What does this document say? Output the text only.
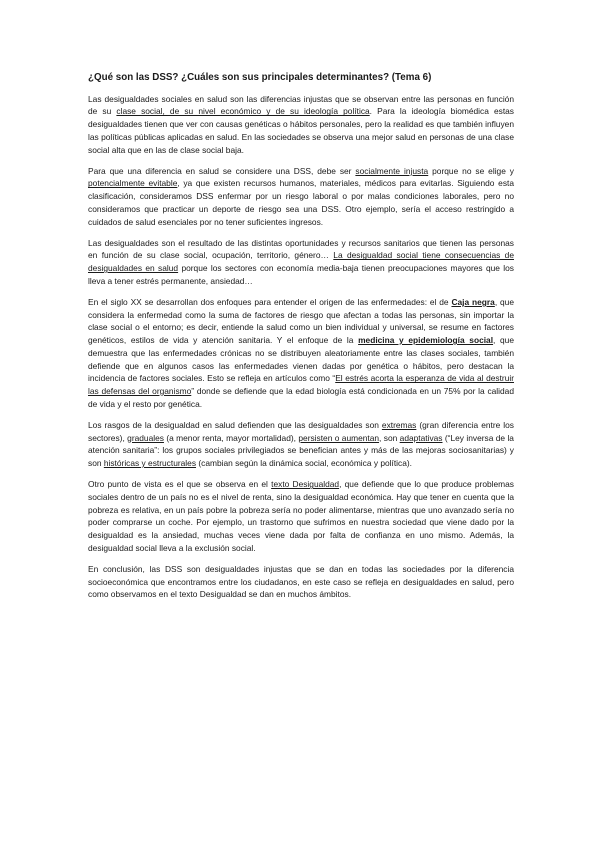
¿Qué son las DSS? ¿Cuáles son sus principales determinantes? (Tema 6)

Las desigualdades sociales en salud son las diferencias injustas que se observan entre las personas en función de su clase social, de su nivel económico y de su ideología política. Para la ideología biomédica estas desigualdades tienen que ver con causas genéticas o hábitos personales, pero la realidad es que también influyen las políticas públicas aplicadas en salud. En las sociedades se observa una mejor salud en personas de una clase social alta que en las de clase social baja.

Para que una diferencia en salud se considere una DSS, debe ser socialmente injusta porque no se elige y potencialmente evitable, ya que existen recursos humanos, materiales, médicos para evitarlas. Siguiendo esta clasificación, consideramos DSS enfermar por un riesgo laboral o por malas condiciones laborales, pero no consideramos que practicar un deporte de riesgo sea una DSS. Otro ejemplo, sería el acceso restringido a cuidados de salud esenciales por no tener suficientes ingresos.

Las desigualdades son el resultado de las distintas oportunidades y recursos sanitarios que tienen las personas en función de su clase social, ocupación, territorio, género… La desigualdad social tiene consecuencias de desigualdades en salud porque los sectores con economía media-baja tienen preocupaciones mayores que los lleva a tener estrés permanente, ansiedad…

En el siglo XX se desarrollan dos enfoques para entender el origen de las enfermedades: el de Caja negra, que considera la enfermedad como la suma de factores de riesgo que afectan a todas las personas, sin importar la clase social o el entorno; es decir, entiende la salud como un bien individual y universal, se resume en factores genéticos, estilos de vida y atención sanitaria. Y el enfoque de la medicina y epidemiología social, que demuestra que las enfermedades crónicas no se distribuyen aleatoriamente entre las clases sociales, también defiende que en algunos casos las enfermedades vienen dadas por genética o hábitos, pero destacan la incidencia de factores sociales. Esto se refleja en artículos como “El estrés acorta la esperanza de vida al destruir las defensas del organismo” donde se defiende que la edad biología está condicionada en un 75% por la calidad de vida y el resto por genética.

Los rasgos de la desigualdad en salud defienden que las desigualdades son extremas (gran diferencia entre los sectores), graduales (a menor renta, mayor mortalidad), persisten o aumentan, son adaptativas (“Ley inversa de la atención sanitaria”: los grupos sociales privilegiados se benefician antes y más de las mejoras sociosanitarias) y son históricas y estructurales (cambian según la dinámica social, económica y política).

Otro punto de vista es el que se observa en el texto Desigualdad, que defiende que lo que produce problemas sociales dentro de un país no es el nivel de renta, sino la desigualdad económica. Hay que tener en cuenta que la pobreza es relativa, en un país pobre la pobreza sería no poder alimentarse, mientras que uno avanzado sería no poder comprarse un coche. Por ejemplo, un trastorno que sufrimos en nuestra sociedad que viene dado por la desigualdad es la ansiedad, muchas veces viene dada por falta de confianza en uno mismo. Además, la desigualdad social lleva a la exclusión social.

En conclusión, las DSS son desigualdades injustas que se dan en todas las sociedades por la diferencia socioeconómica que encontramos entre los ciudadanos, en este caso se refleja en desigualdades en salud, pero como observamos en el texto Desigualdad se dan en muchos ámbitos.
